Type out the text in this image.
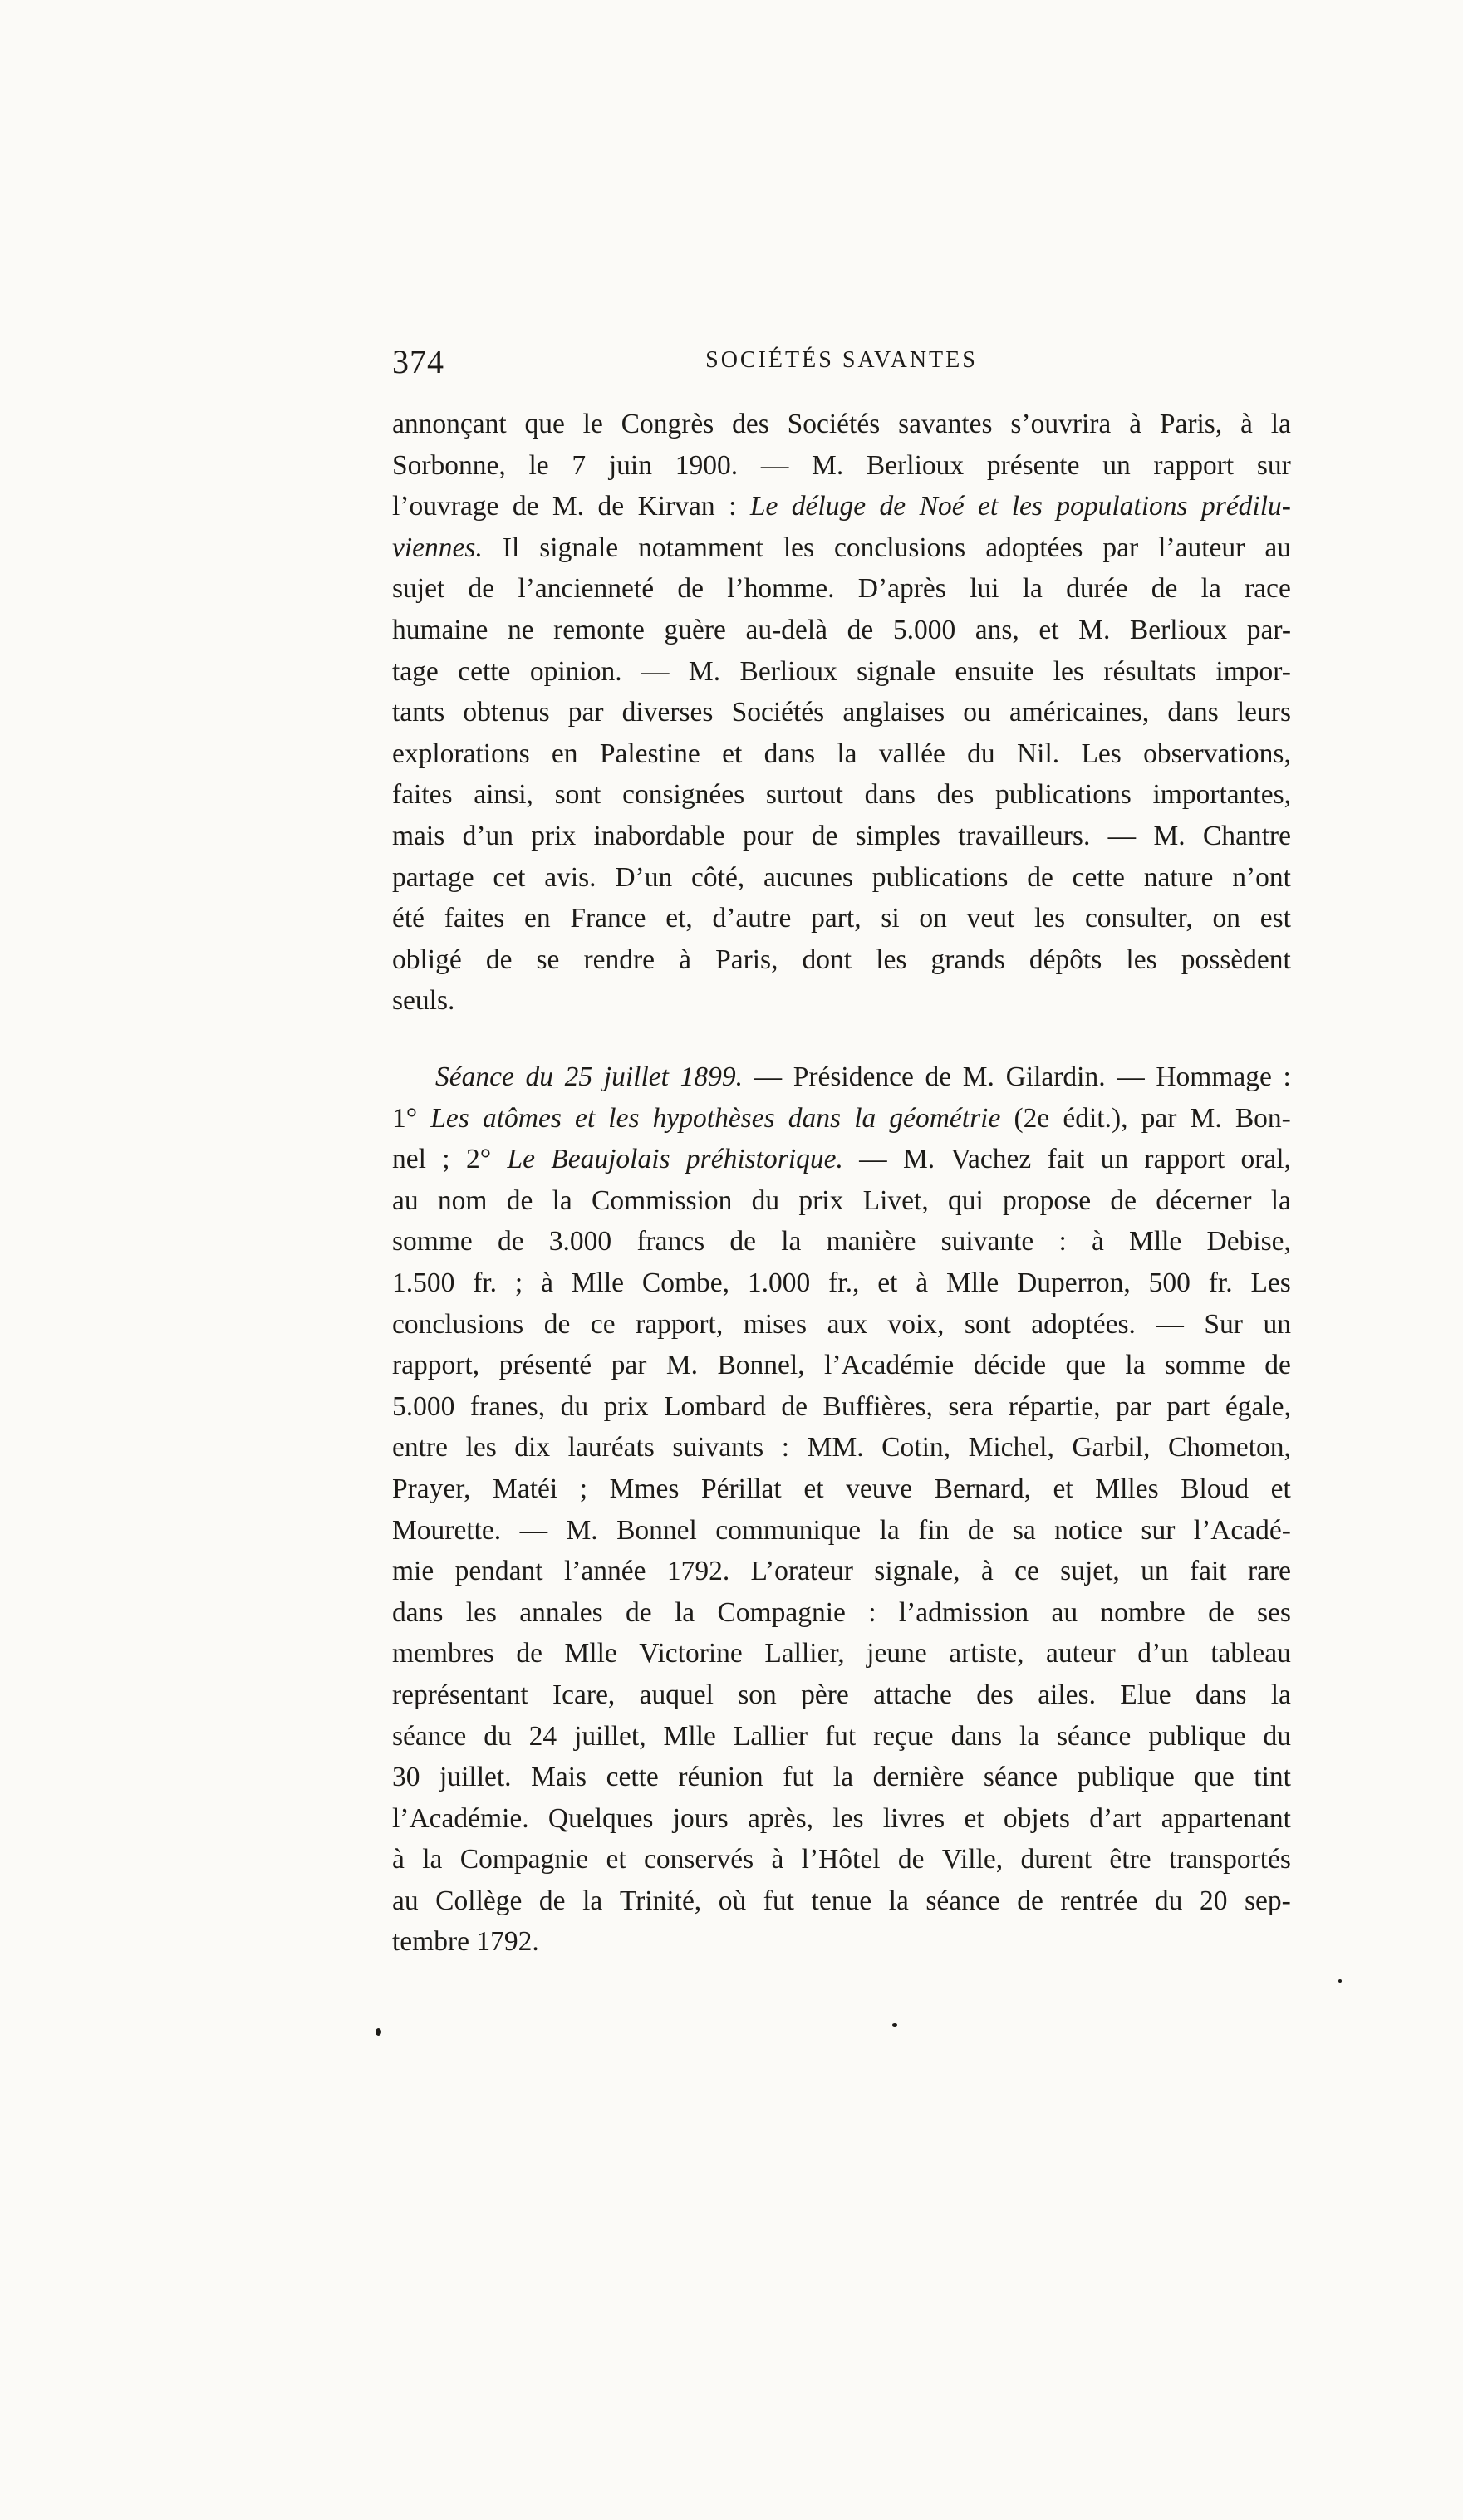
374	SOCIÉTÉS SAVANTES
annonçant que le Congrès des Sociétés savantes s’ouvrira à Paris, à la
Sorbonne, le 7 juin 1900. — M. Berlioux présente un rapport sur
l’ouvrage de M. de Kirvan : Le déluge de Noé et les populations prédilu-
viennes. Il signale notamment les conclusions adoptées par l’auteur au
sujet de l’ancienneté de l’homme. D’après lui la durée de la race
humaine ne remonte guère au-delà de 5.000 ans, et M. Berlioux par-
tage cette opinion. — M. Berlioux signale ensuite les résultats impor-
tants obtenus par diverses Sociétés anglaises ou américaines, dans leurs
explorations en Palestine et dans la vallée du Nil. Les observations,
faites ainsi, sont consignées surtout dans des publications importantes,
mais d’un prix inabordable pour de simples travailleurs. — M. Chantre
partage cet avis. D’un côté, aucunes publications de cette nature n’ont
été faites en France et, d’autre part, si on veut les consulter, on est
obligé de se rendre à Paris, dont les grands dépôts les possèdent
seuls.
Séance du 25 juillet 1899. — Présidence de M. Gilardin. — Hommage :
1° Les atômes et les hypothèses dans la géométrie (2e édit.), par M. Bon-
nel ; 2° Le Beaujolais préhistorique. — M. Vachez fait un rapport oral,
au nom de la Commission du prix Livet, qui propose de décerner la
somme de 3.000 francs de la manière suivante : à Mlle Debise,
1.500 fr. ; à Mlle Combe, 1.000 fr., et à Mlle Duperron, 500 fr. Les
conclusions de ce rapport, mises aux voix, sont adoptées. — Sur un
rapport, présenté par M. Bonnel, l’Académie décide que la somme de
5.000 franes, du prix Lombard de Buffières, sera répartie, par part égale,
entre les dix lauréats suivants : MM. Cotin, Michel, Garbil, Chometon,
Prayer, Matéi ; Mmes Périllat et veuve Bernard, et Mlles Bloud et
Mourette. — M. Bonnel communique la fin de sa notice sur l’Acadé-
mie pendant l’année 1792. L’orateur signale, à ce sujet, un fait rare
dans les annales de la Compagnie : l’admission au nombre de ses
membres de Mlle Victorine Lallier, jeune artiste, auteur d’un tableau
représentant Icare, auquel son père attache des ailes. Elue dans la
séance du 24 juillet, Mlle Lallier fut reçue dans la séance publique du
30 juillet. Mais cette réunion fut la dernière séance publique que tint
l’Académie. Quelques jours après, les livres et objets d’art appartenant
à la Compagnie et conservés à l’Hôtel de Ville, durent être transportés
au Collège de la Trinité, où fut tenue la séance de rentrée du 20 sep-
tembre 1792.
